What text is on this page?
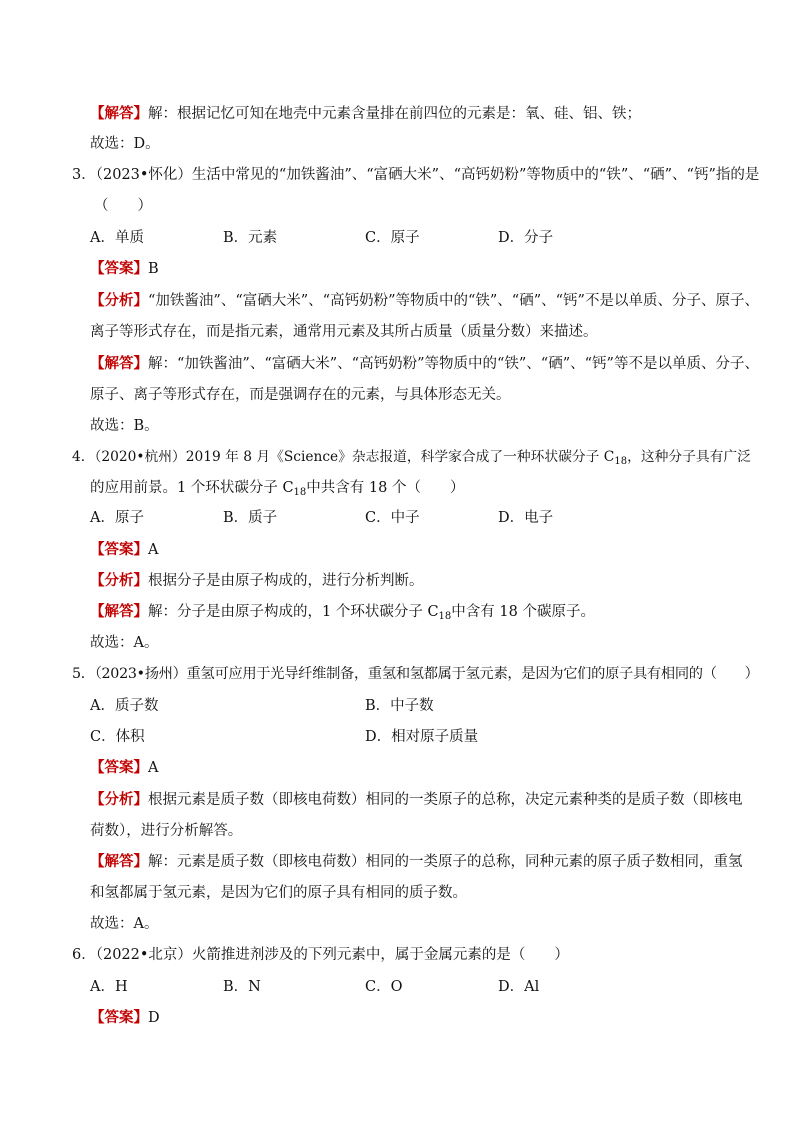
【解答】解：根据记忆可知在地壳中元素含量排在前四位的元素是：氧、硅、铝、铁；
故选：D。
3．（2023•怀化）生活中常见的“加铁酱油”、“富硒大米”、“高钙奶粉”等物质中的“铁”、“硒”、“钙”指的是
（　　）
A．单质	B．元素	C．原子	D．分子
【答案】B
【分析】“加铁酱油”、“富硒大米”、“高钙奶粉”等物质中的“铁”、“硒”、“钙”不是以单质、分子、原子、
离子等形式存在，而是指元素，通常用元素及其所占质量（质量分数）来描述。
【解答】解：“加铁酱油”、“富硒大米”、“高钙奶粉”等物质中的“铁”、“硒”、“钙”等不是以单质、分子、
原子、离子等形式存在，而是强调存在的元素，与具体形态无关。
故选：B。
4．（2020•杭州）2019 年 8 月《Science》杂志报道，科学家合成了一种环状碳分子 $C_{18}$，这种分子具有广泛
的应用前景。1 个环状碳分子 $C_{18}$中共含有 18 个（　　）
A．原子	B．质子	C．中子	D．电子
【答案】A
【分析】根据分子是由原子构成的，进行分析判断。
【解答】解：分子是由原子构成的，1 个环状碳分子 $C_{18}$中含有 18 个碳原子。
故选：A。
5．（2023•扬州）重氢可应用于光导纤维制备，重氢和氢都属于氢元素，是因为它们的原子具有相同的（　　）
A．质子数	B．中子数
C．体积	D．相对原子质量
【答案】A
【分析】根据元素是质子数（即核电荷数）相同的一类原子的总称，决定元素种类的是质子数（即核电
荷数），进行分析解答。
【解答】解：元素是质子数（即核电荷数）相同的一类原子的总称，同种元素的原子质子数相同，重氢
和氢都属于氢元素，是因为它们的原子具有相同的质子数。
故选：A。
6．（2022•北京）火箭推进剂涉及的下列元素中，属于金属元素的是（　　）
A．H	B．N	C．O	D．Al
【答案】D
